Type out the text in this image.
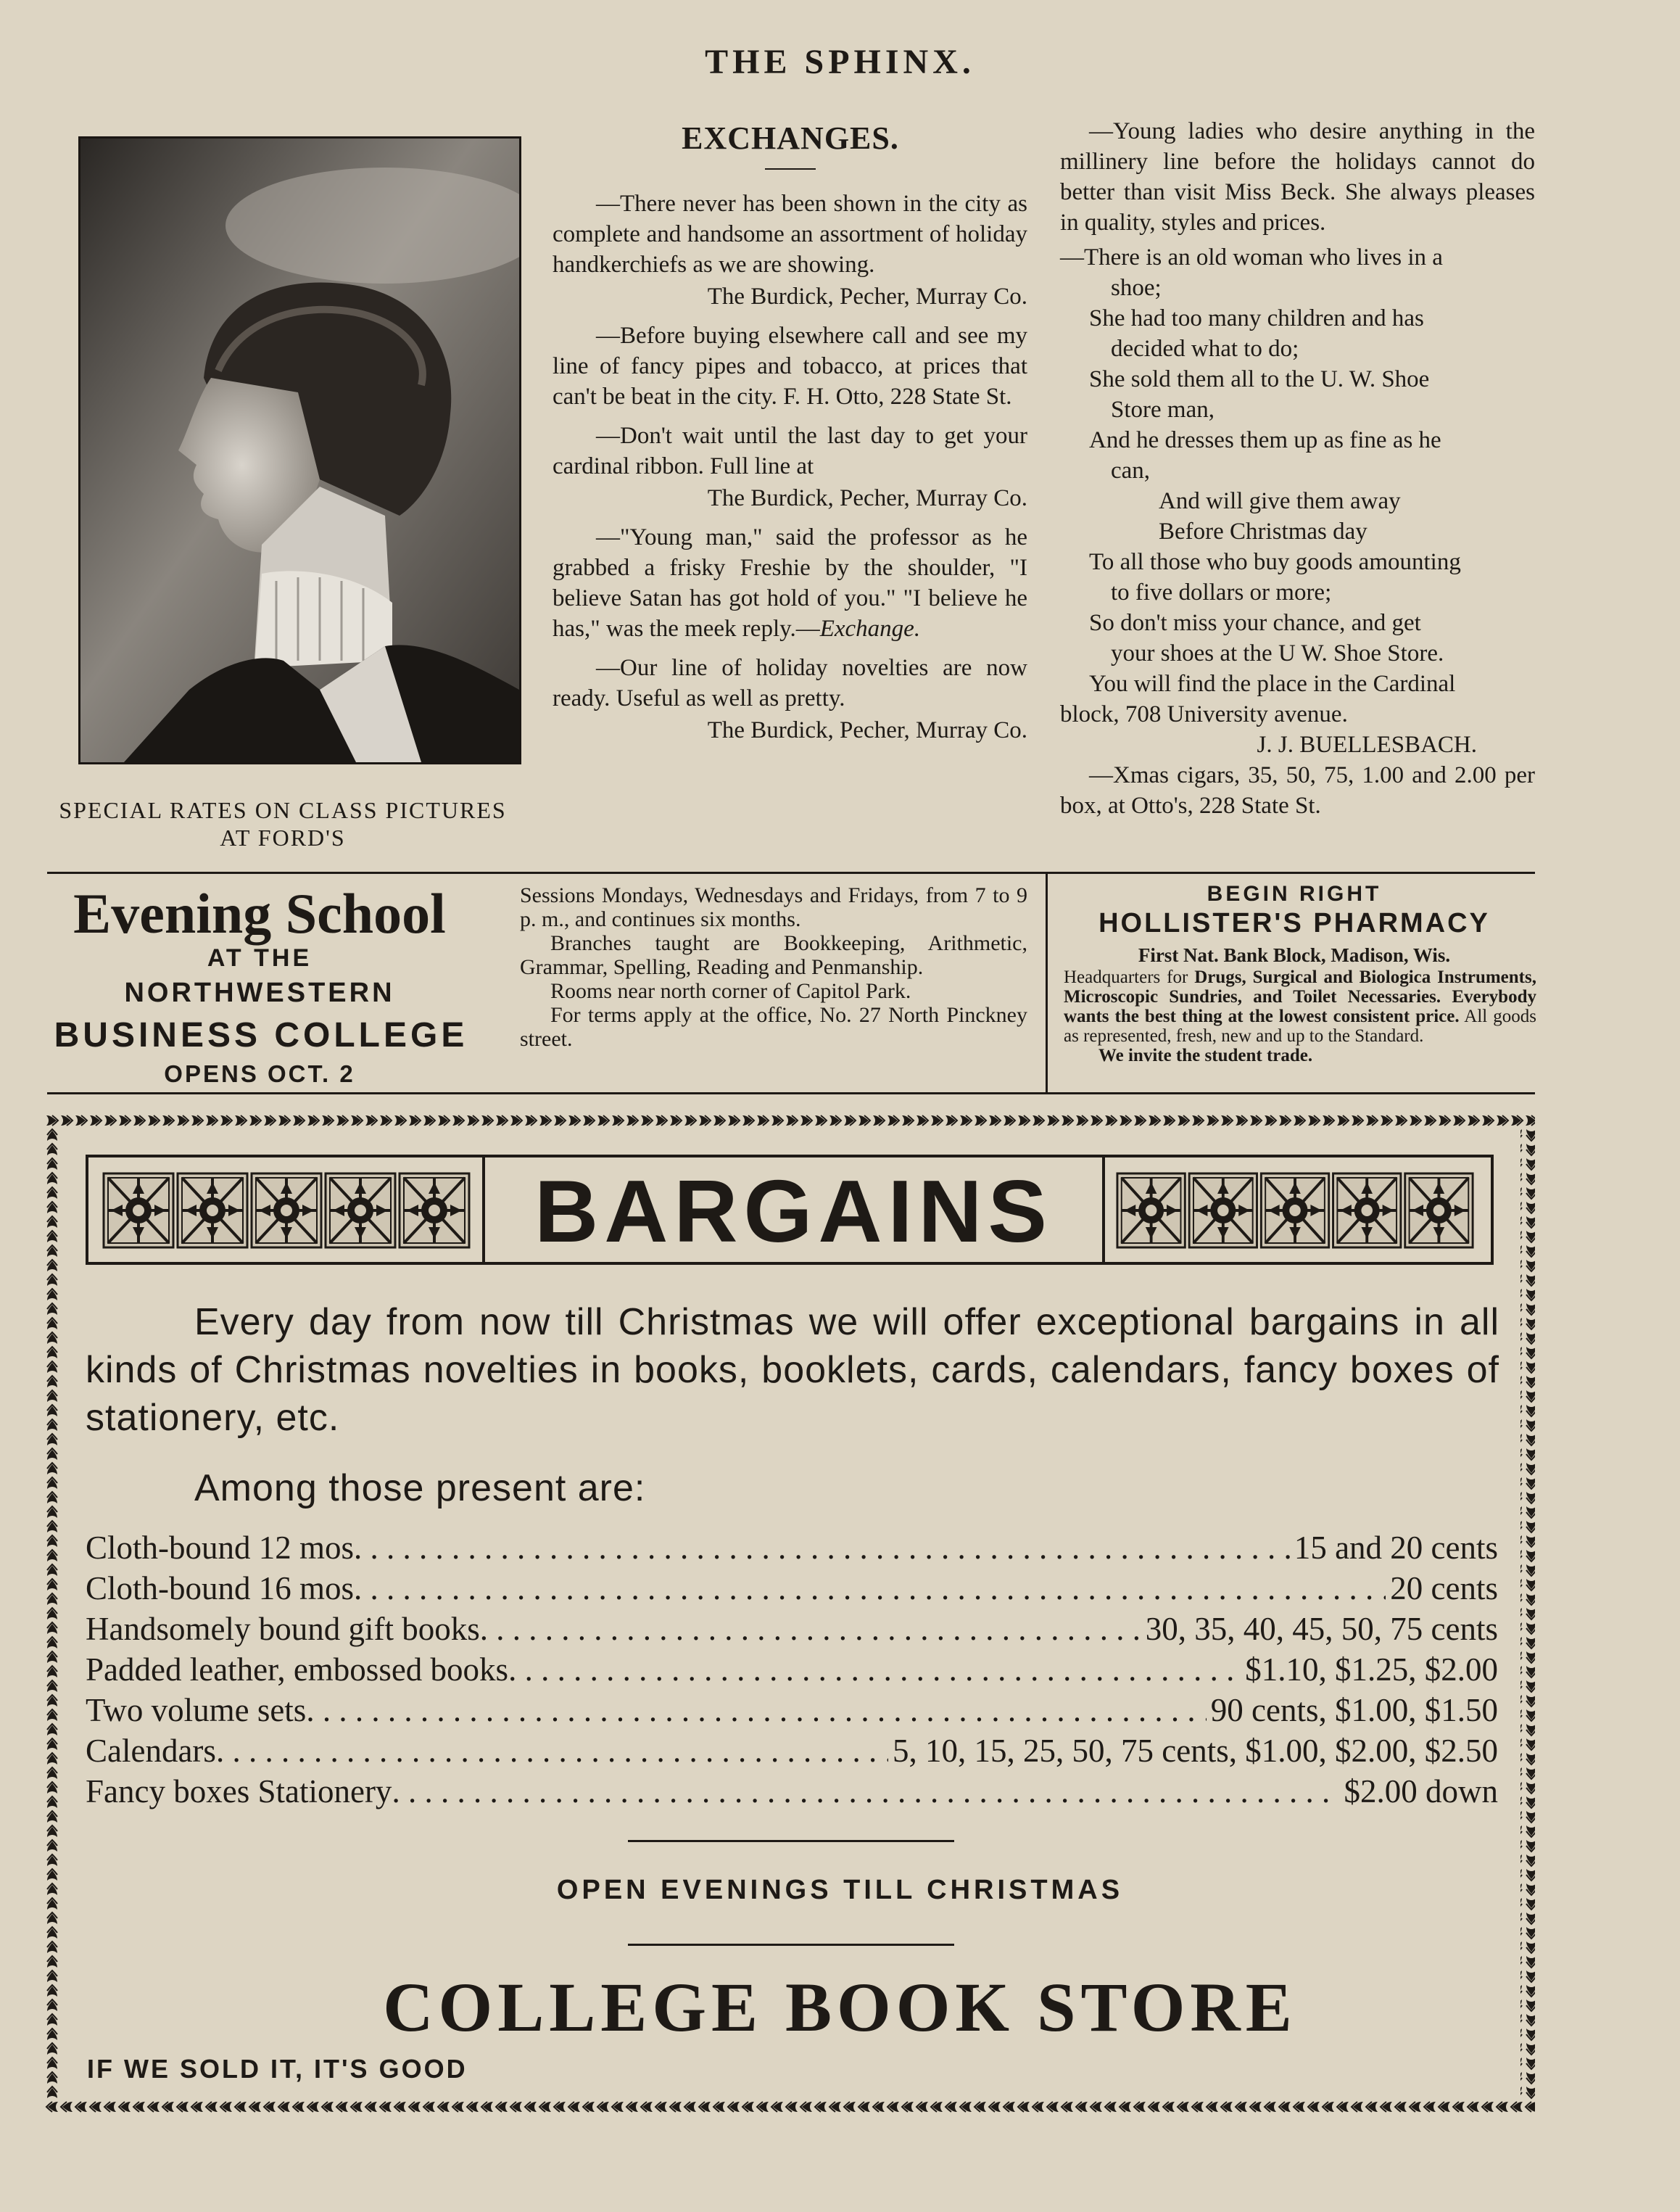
THE SPHINX.
SPECIAL RATES ON CLASS PICTURES
AT FORD'S
EXCHANGES.

—There never has been shown in the city as complete and handsome an assortment of holiday handkerchiefs as we are showing.

The Burdick, Pecher, Murray Co.

—Before buying elsewhere call and see my line of fancy pipes and tobacco, at prices that can't be beat in the city. F. H. Otto, 228 State St.

—Don't wait until the last day to get your cardinal ribbon. Full line at

The Burdick, Pecher, Murray Co.

—"Young man," said the professor as he grabbed a frisky Freshie by the shoulder, "I believe Satan has got hold of you." "I believe he has," was the meek reply.—Exchange.

—Our line of holiday novelties are now ready. Useful as well as pretty.

The Burdick, Pecher, Murray Co.

—Young ladies who desire anything in the millinery line before the holidays cannot do better than visit Miss Beck. She always pleases in quality, styles and prices.

—There is an old woman who lives in a
shoe;
She had too many children and has
decided what to do;
She sold them all to the U. W. Shoe
Store man,
And he dresses them up as fine as he
can,
And will give them away
Before Christmas day
To all those who buy goods amounting
to five dollars or more;
So don't miss your chance, and get
your shoes at the U W. Shoe Store.
You will find the place in the Cardinal
block, 708 University avenue.

J. J. BUELLESBACH.

—Xmas cigars, 35, 50, 75, 1.00 and 2.00 per box, at Otto's, 228 State St.

Evening School
AT THE
NORTHWESTERN
BUSINESS COLLEGE
OPENS OCT. 2

Sessions Mondays, Wednesdays and Fridays, from 7 to 9 p. m., and continues six months.

Branches taught are Bookkeeping, Arithmetic, Grammar, Spelling, Reading and Penmanship.

Rooms near north corner of Capitol Park.

For terms apply at the office, No. 27 North Pinckney street.

BEGIN RIGHT
HOLLISTER'S PHARMACY
First Nat. Bank Block, Madison, Wis.

Headquarters for Drugs, Surgical and Biologica Instruments, Microscopic Sundries, and Toilet Necessaries. Everybody wants the best thing at the lowest consistent price. All goods as represented, fresh, new and up to the Standard.

We invite the student trade.

BARGAINS

Every day from now till Christmas we will offer exceptional bargains in all kinds of Christmas novelties in books, booklets, cards, calendars, fancy boxes of stationery, etc.

Among those present are:
Cloth-bound 12 mos . . .	15 and 20 cents
Cloth-bound 16 mos . . .	20 cents
Handsomely bound gift books . . .	30, 35, 40, 45, 50, 75 cents
Padded leather, embossed books . . .	$1.10, $1.25, $2.00
Two volume sets . . .	90 cents, $1.00, $1.50
Calendars . . .	5, 10, 15, 25, 50, 75 cents, $1.00, $2.00, $2.50
Fancy boxes Stationery . . .	$2.00 down
OPEN EVENINGS TILL CHRISTMAS
COLLEGE BOOK STORE
IF WE SOLD IT, IT'S GOOD
